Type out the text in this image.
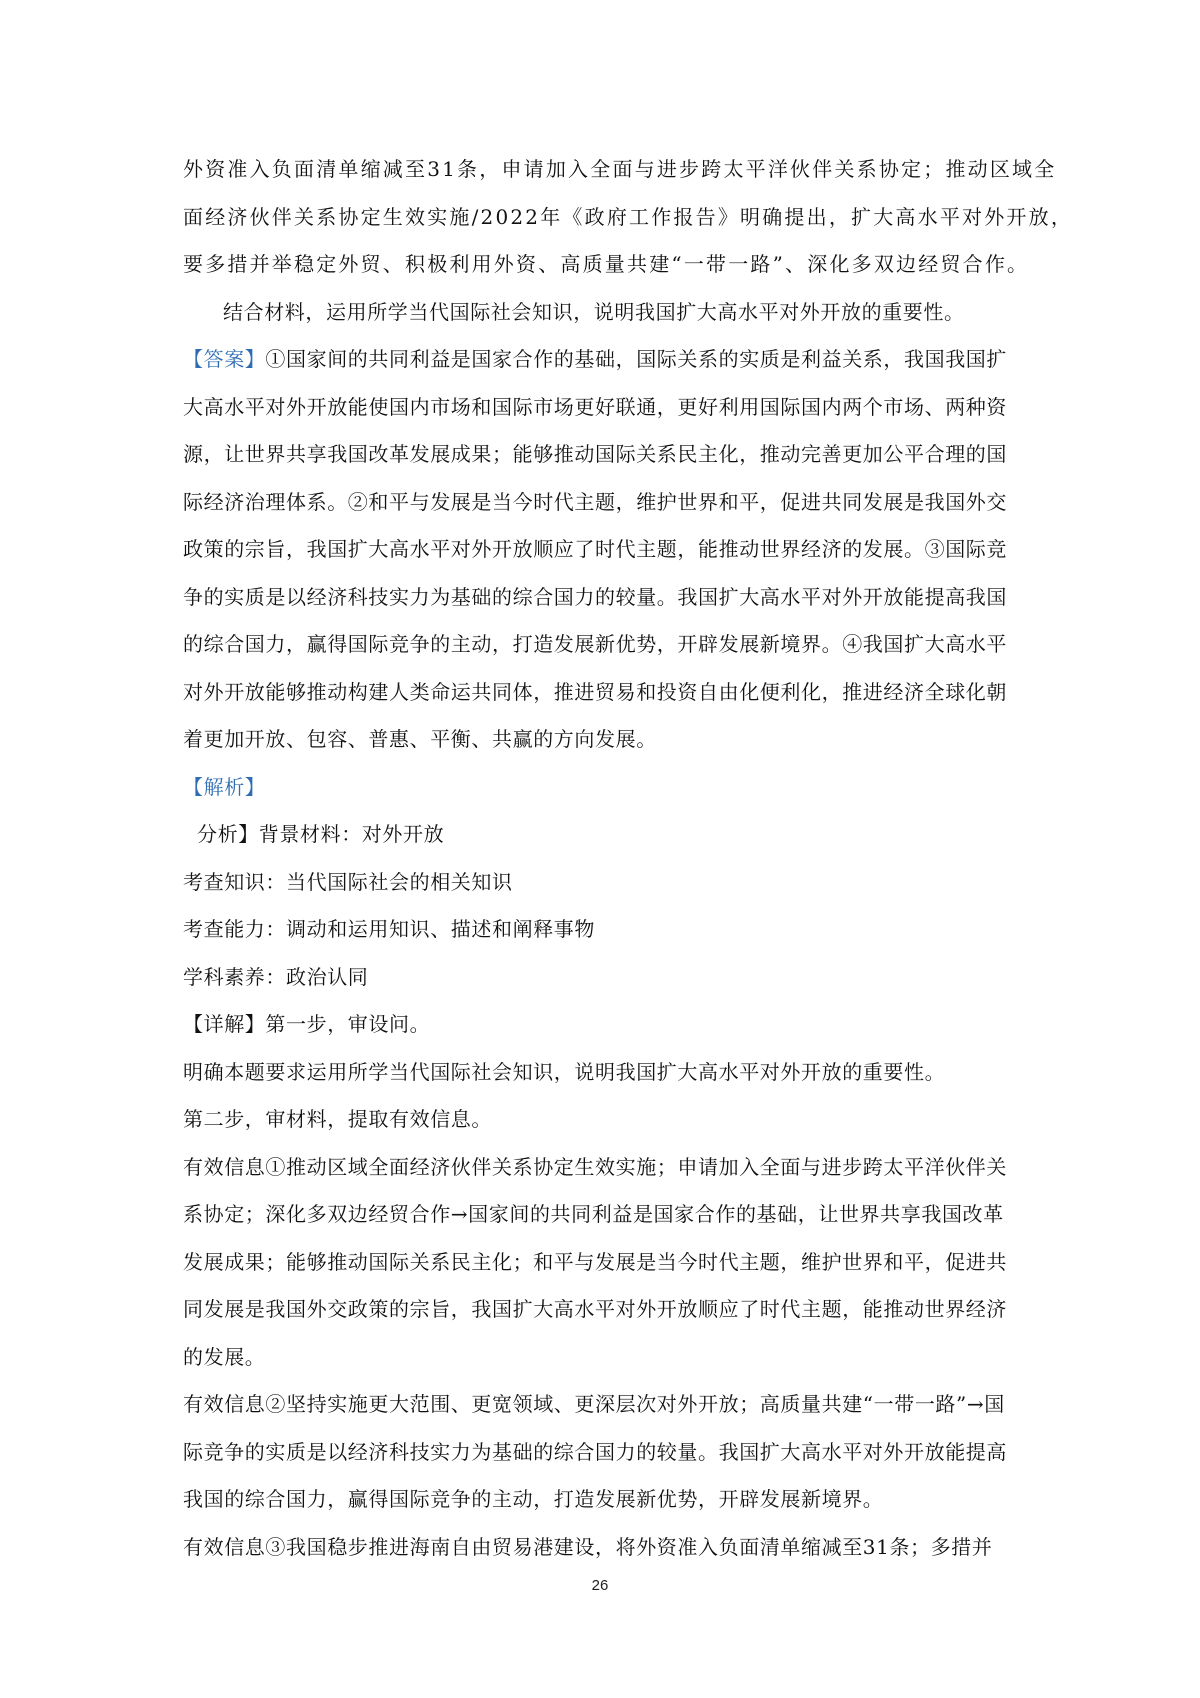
外资准入负面清单缩减至31条，申请加入全面与进步跨太平洋伙伴关系协定；推动区域全
面经济伙伴关系协定生效实施/2022年《政府工作报告》明确提出，扩大高水平对外开放，
要多措并举稳定外贸、积极利用外资、高质量共建“一带一路”、深化多双边经贸合作。
结合材料，运用所学当代国际社会知识，说明我国扩大高水平对外开放的重要性。
【答案】①国家间的共同利益是国家合作的基础，国际关系的实质是利益关系，我国我国扩
大高水平对外开放能使国内市场和国际市场更好联通，更好利用国际国内两个市场、两种资
源，让世界共享我国改革发展成果；能够推动国际关系民主化，推动完善更加公平合理的国
际经济治理体系。②和平与发展是当今时代主题，维护世界和平，促进共同发展是我国外交
政策的宗旨，我国扩大高水平对外开放顺应了时代主题，能推动世界经济的发展。③国际竞
争的实质是以经济科技实力为基础的综合国力的较量。我国扩大高水平对外开放能提高我国
的综合国力，赢得国际竞争的主动，打造发展新优势，开辟发展新境界。④我国扩大高水平
对外开放能够推动构建人类命运共同体，推进贸易和投资自由化便利化，推进经济全球化朝
着更加开放、包容、普惠、平衡、共赢的方向发展。
【解析】
分析】背景材料：对外开放
考查知识：当代国际社会的相关知识
考查能力：调动和运用知识、描述和阐释事物
学科素养：政治认同
【详解】第一步，审设问。
明确本题要求运用所学当代国际社会知识，说明我国扩大高水平对外开放的重要性。
第二步，审材料，提取有效信息。
有效信息①推动区域全面经济伙伴关系协定生效实施；申请加入全面与进步跨太平洋伙伴关
系协定；深化多双边经贸合作→国家间的共同利益是国家合作的基础，让世界共享我国改革
发展成果；能够推动国际关系民主化；和平与发展是当今时代主题，维护世界和平，促进共
同发展是我国外交政策的宗旨，我国扩大高水平对外开放顺应了时代主题，能推动世界经济
的发展。
有效信息②坚持实施更大范围、更宽领域、更深层次对外开放；高质量共建“一带一路”→国
际竞争的实质是以经济科技实力为基础的综合国力的较量。我国扩大高水平对外开放能提高
我国的综合国力，赢得国际竞争的主动，打造发展新优势，开辟发展新境界。
有效信息③我国稳步推进海南自由贸易港建设，将外资准入负面清单缩减至31条；多措并
26
